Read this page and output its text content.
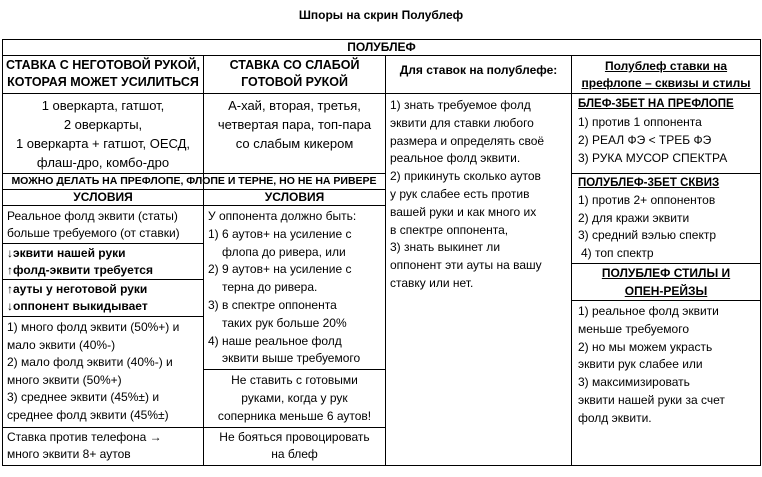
Шпоры на скрин Полублеф
ПОЛУБЛЕФ
СТАВКА С НЕГОТОВОЙ РУКОЙ,
КОТОРАЯ МОЖЕТ УСИЛИТЬСЯ
1 оверкарта, гатшот,
2 оверкарты,
1 оверкарта + гатшот, ОЕСД,
флаш-дро, комбо-дро
МОЖНО ДЕЛАТЬ НА ПРЕФЛОПЕ, ФЛОПЕ И ТЕРНЕ, НО НЕ НА РИВЕРЕ
УСЛОВИЯ
Реальное фолд эквити (статы)
больше требуемого (от ставки)
↓эквити нашей руки
↑фолд-эквити требуется
↑ауты у неготовой руки
↓оппонент выкидывает
1) много фолд эквити (50%+) и
мало эквити (40%-)
2) мало фолд эквити (40%-) и
много эквити (50%+)
3) среднее эквити (45%±) и
среднее фолд эквити (45%±)
Ставка против телефона →
много эквити 8+ аутов
СТАВКА СО СЛАБОЙ
ГОТОВОЙ РУКОЙ
А-хай, вторая, третья,
четвертая пара, топ-пара
со слабым кикером
УСЛОВИЯ
У оппонента должно быть:
1) 6 аутов+ на усиление с
флопа до ривера, или
2) 9 аутов+ на усиление с
терна до ривера.
3) в спектре оппонента
таких рук больше 20%
4) наше реальное фолд
эквити выше требуемого
Не ставить с готовыми
руками, когда у рук
соперника меньше 6 аутов!
Не бояться провоцировать
на блеф
Для ставок на полублефе:
1) знать требуемое фолд
эквити для ставки любого
размера и определять своё
реальное фолд эквити.
2) прикинуть сколько аутов
у рук слабее есть против
вашей руки и как много их
в спектре оппонента,
3) знать выкинет ли
оппонент эти ауты на вашу
ставку или нет.
Полублеф ставки на
префлопе – сквизы и стилы
БЛЕФ-3БЕТ НА ПРЕФЛОПЕ
1) против 1 оппонента
2) РЕАЛ ФЭ < ТРЕБ ФЭ
3) РУКА МУСОР СПЕКТРА
ПОЛУБЛЕФ-3БЕТ СКВИЗ
1) против 2+ оппонентов
2) для кражи эквити
3) средний вэлью спектр
4) топ спектр
ПОЛУБЛЕФ СТИЛЫ И
ОПЕН-РЕЙЗЫ
1) реальное фолд эквити
меньше требуемого
2) но мы можем украсть
эквити рук слабее или
3) максимизировать
эквити нашей руки за счет
фолд эквити.
